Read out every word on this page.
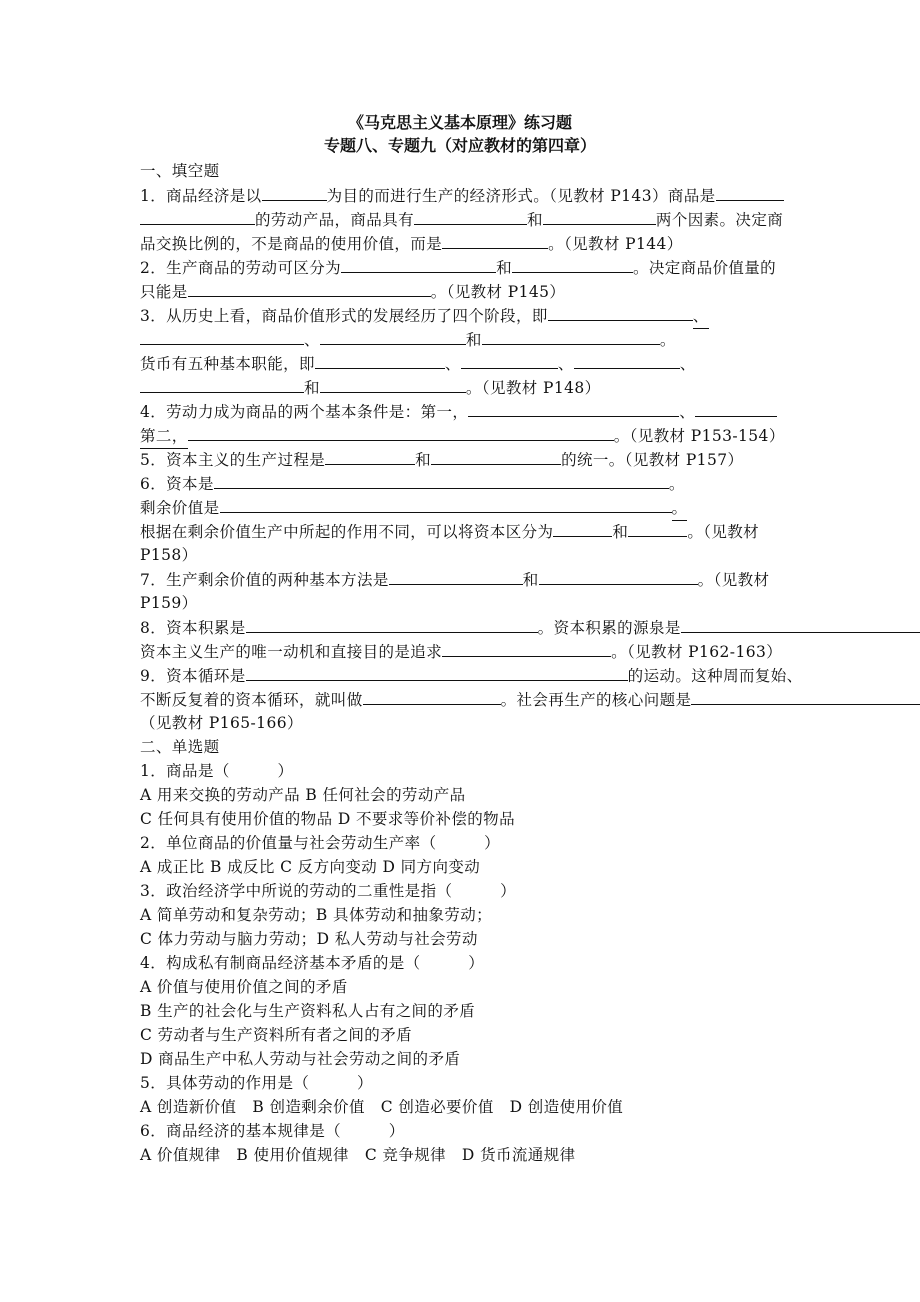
《马克思主义基本原理》练习题
专题八、专题九（对应教材的第四章）
一、填空题
1．商品经济是以	为目的而进行生产的经济形式。（见教材 P143）商品是
的劳动产品，商品具有	和	两个因素。决定商
品交换比例的，不是商品的使用价值，而是	。（见教材 P144）
2．生产商品的劳动可区分为	和	。决定商品价值量的
只能是	。（见教材 P145）
3．从历史上看，商品价值形式的发展经历了四个阶段，即	、
、	和	。
货币有五种基本职能，即	、	、	、
和	。（见教材 P148）
4．劳动力成为商品的两个基本条件是：第一，	、
第二，	。（见教材 P153-154）
5．资本主义的生产过程是	和	的统一。（见教材 P157）
6．资本是	。
剩余价值是	。
根据在剩余价值生产中所起的作用不同，可以将资本区分为	和	。（见教材
P158）
7．生产剩余价值的两种基本方法是	和	。（见教材
P159）
8．资本积累是	。资本积累的源泉是
资本主义生产的唯一动机和直接目的是追求	。（见教材 P162-163）
9．资本循环是	的运动。这种周而复始、
不断反复着的资本循环，就叫做	。社会再生产的核心问题是
（见教材 P165-166）
二、单选题
1．商品是（　　　）
A 用来交换的劳动产品 B 任何社会的劳动产品
C 任何具有使用价值的物品 D 不要求等价补偿的物品
2．单位商品的价值量与社会劳动生产率（　　　）
A 成正比 B 成反比 C 反方向变动 D 同方向变动
3．政治经济学中所说的劳动的二重性是指（　　　）
A 简单劳动和复杂劳动；B 具体劳动和抽象劳动；
C 体力劳动与脑力劳动；D 私人劳动与社会劳动
4．构成私有制商品经济基本矛盾的是（　　　）
A 价值与使用价值之间的矛盾
B 生产的社会化与生产资料私人占有之间的矛盾
C 劳动者与生产资料所有者之间的矛盾
D 商品生产中私人劳动与社会劳动之间的矛盾
5．具体劳动的作用是（　　　）
A 创造新价值　B 创造剩余价值　C 创造必要价值　D 创造使用价值
6．商品经济的基本规律是（　　　）
A 价值规律　B 使用价值规律　C 竞争规律　D 货币流通规律
